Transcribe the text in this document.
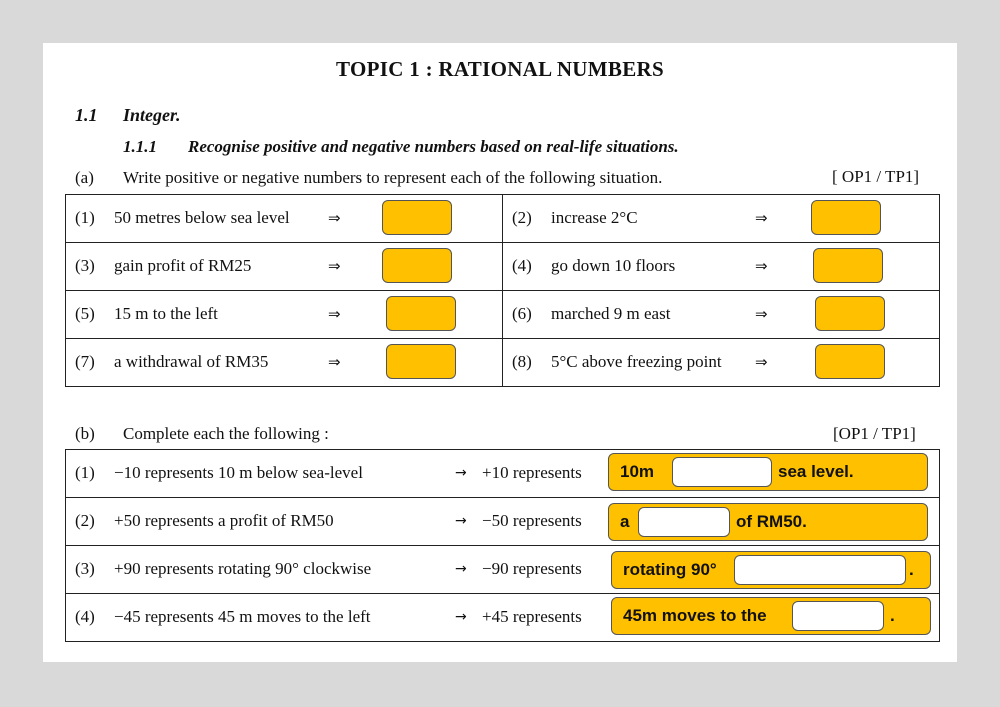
TOPIC 1 : RATIONAL NUMBERS
1.1 Integer.
1.1.1 Recognise positive and negative numbers based on real-life situations.
(a) Write positive or negative numbers to represent each of the following situation.	[ OP1 / TP1]
(1) 50 metres below sea level ⇒	(2) increase 2°C ⇒

(3) gain profit of RM25 ⇒	(4) go down 10 floors ⇒

(5) 15 m to the left ⇒	(6) marched 9 m east ⇒

(7) a withdrawal of RM35 ⇒	(8) 5°C above freezing point ⇒
(b) Complete each the following :	[OP1 / TP1]
(1) −10 represents 10 m below sea-level	→ +10 represents 10m	sea level.

(2) +50 represents a profit of RM50	→ −50 represents a	of RM50.

(3) +90 represents rotating 90° clockwise	→ −90 represents rotating 90°	.

(4) −45 represents 45 m moves to the left	→ +45 represents 45m moves to the	.
